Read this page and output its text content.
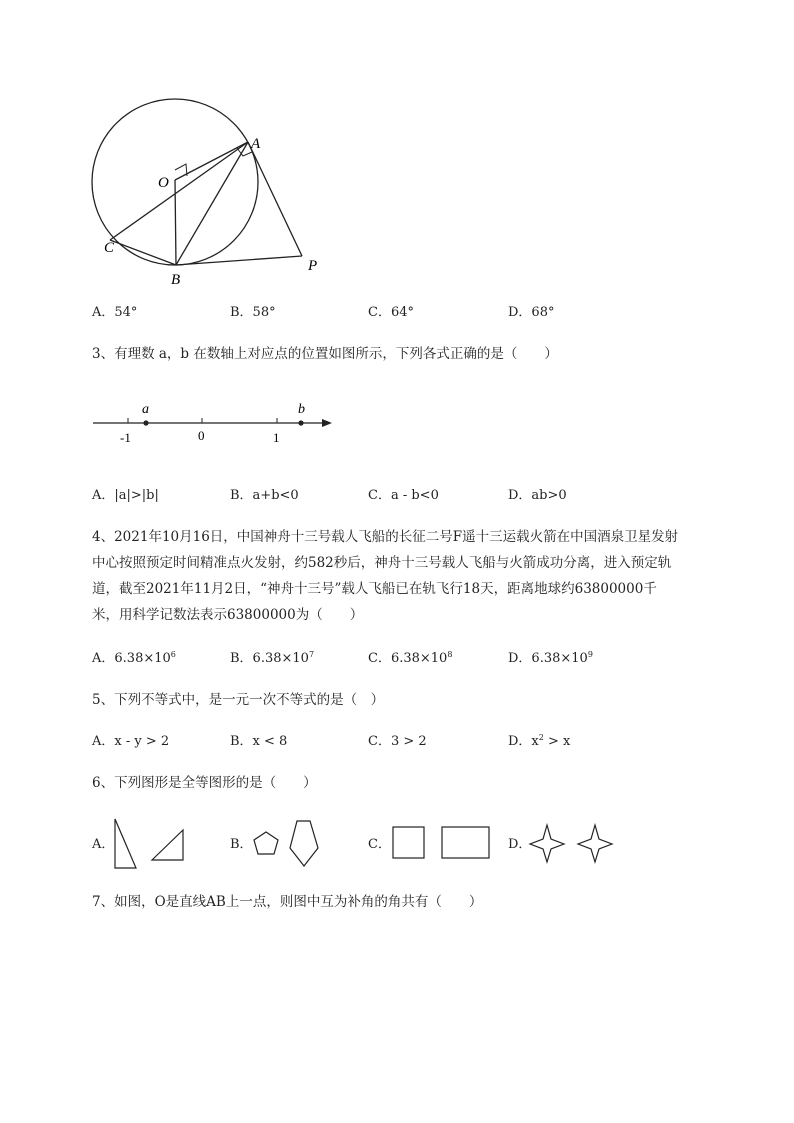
O
A
C
B
P
A．54°	B．58°	C．64°	D．68°
3、有理数 a，b 在数轴上对应点的位置如图所示，下列各式正确的是（　　）
a	b
-1	0	1
A．|a|>|b|	B．a+b<0	C．a - b<0	D．ab>0
4、2021年10月16日，中国神舟十三号载人飞船的长征二号F遥十三运载火箭在中国酒泉卫星发射
中心按照预定时间精准点火发射，约582秒后，神舟十三号载人飞船与火箭成功分离，进入预定轨
道，截至2021年11月2日，“神舟十三号”载人飞船已在轨飞行18天，距离地球约63800000千
米，用科学记数法表示63800000为（　　）
A．$6.38\times 10^6$	B．$6.38\times 10^7$	C．$6.38\times 10^8$	D．$6.38\times 10^9$
5、下列不等式中，是一元一次不等式的是（　）
A．x - y > 2	B．x < 8	C．3 > 2	D．$x^2 > x$
6、下列图形是全等图形的是（　　）
A．	B．	C．	D．
7、如图，O是直线AB上一点，则图中互为补角的角共有（　　）
